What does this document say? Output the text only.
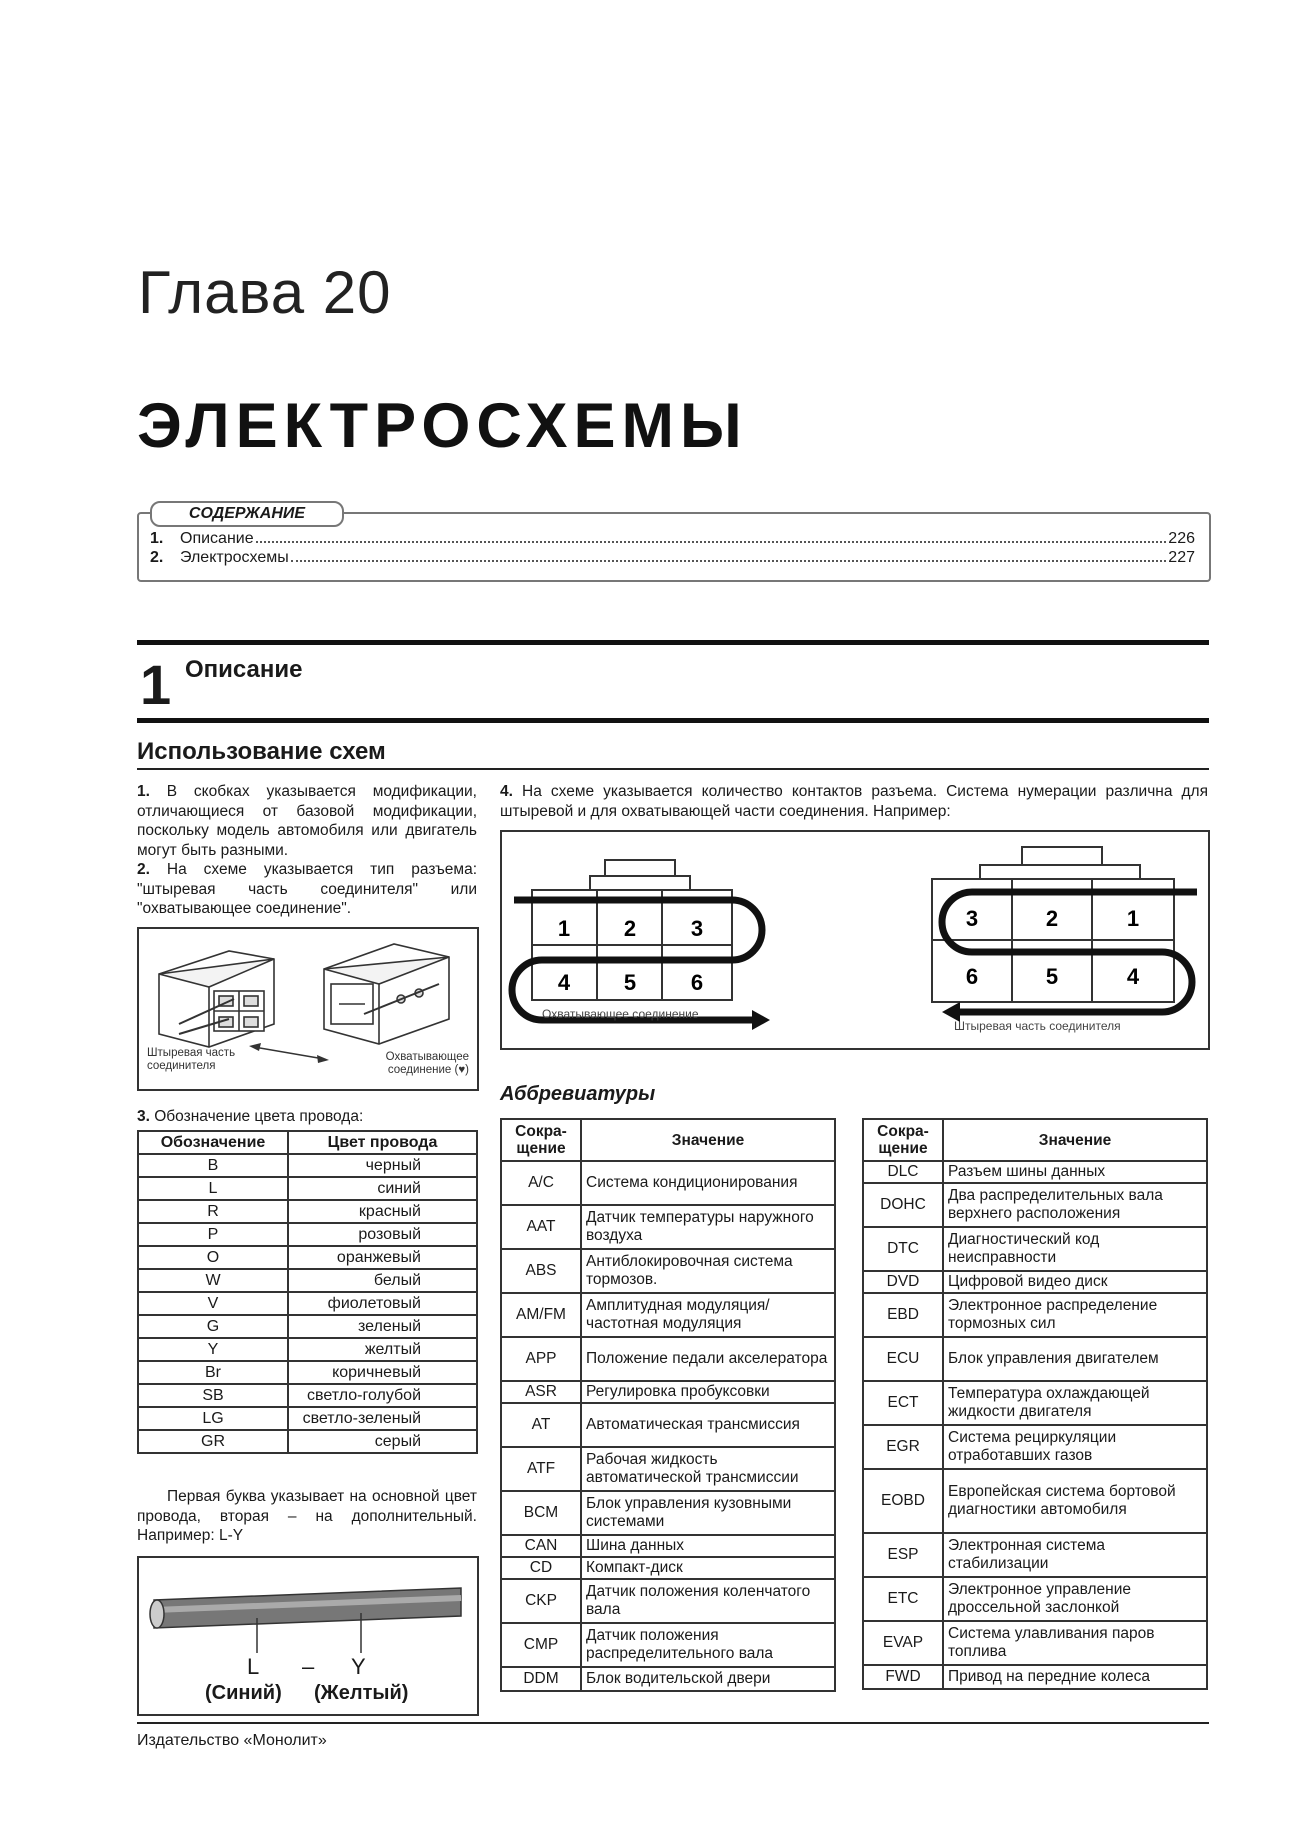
Глава 20
ЭЛЕКТРОСХЕМЫ
СОДЕРЖАНИЕ
1.	Описание	226
2.	Электросхемы	227
1 Описание
Использование схем
1. В скобках указывается модификации, отличающиеся от базовой модификации, поскольку модель автомобиля или двигатель могут быть разными.
2. На схеме указывается тип разъема: "штыревая часть соединителя" или "охватывающее соединение".
Штыревая часть соединителя
Охватывающее соединение (♥)
3. Обозначение цвета провода:
Обозначение	Цвет провода
B	черный
L	синий
R	красный
P	розовый
O	оранжевый
W	белый
V	фиолетовый
G	зеленый
Y	желтый
Br	коричневый
SB	светло-голубой
LG	светло-зеленый
GR	серый
Первая буква указывает на основной цвет провода, вторая – на дополнительный. Например: L-Y
L – Y
(Синий) (Желтый)
4. На схеме указывается количество контактов разъема. Система нумерации различна для штыревой и для охватывающей части соединения. Например:
1 2 3
4 5 6
3	2	1
6	5	4
Охватывающее соединение
Штыревая часть соединителя
Аббревиатуры
Сокра-
щение	Значение
A/C	Система кондиционирования
AAT	Датчик температуры наружного воздуха
ABS	Антиблокировочная система тормозов.
AM/FM	Амплитудная модуляция/ частотная модуляция
APP	Положение педали акселератора
ASR	Регулировка пробуксовки
AT	Автоматическая трансмиссия
ATF	Рабочая жидкость автоматической трансмиссии
BCM	Блок управления кузовными системами
CAN	Шина данных
CD	Компакт-диск
CKP	Датчик положения коленчатого вала
CMP	Датчик положения распределительного вала
DDM	Блок водительской двери
Сокра-
щение	Значение
DLC	Разъем шины данных
DOHC	Два распределительных вала верхнего расположения
DTC	Диагностический код неисправности
DVD	Цифровой видео диск
EBD	Электронное распределение тормозных сил
ECU	Блок управления двигателем
ECT	Температура охлаждающей жидкости двигателя
EGR	Система рециркуляции отработавших газов
EOBD	Европейская система бортовой диагностики автомобиля
ESP	Электронная система стабилизации
ETC	Электронное управление дроссельной заслонкой
EVAP	Система улавливания паров топлива
FWD	Привод на передние колеса
Издательство «Монолит»
